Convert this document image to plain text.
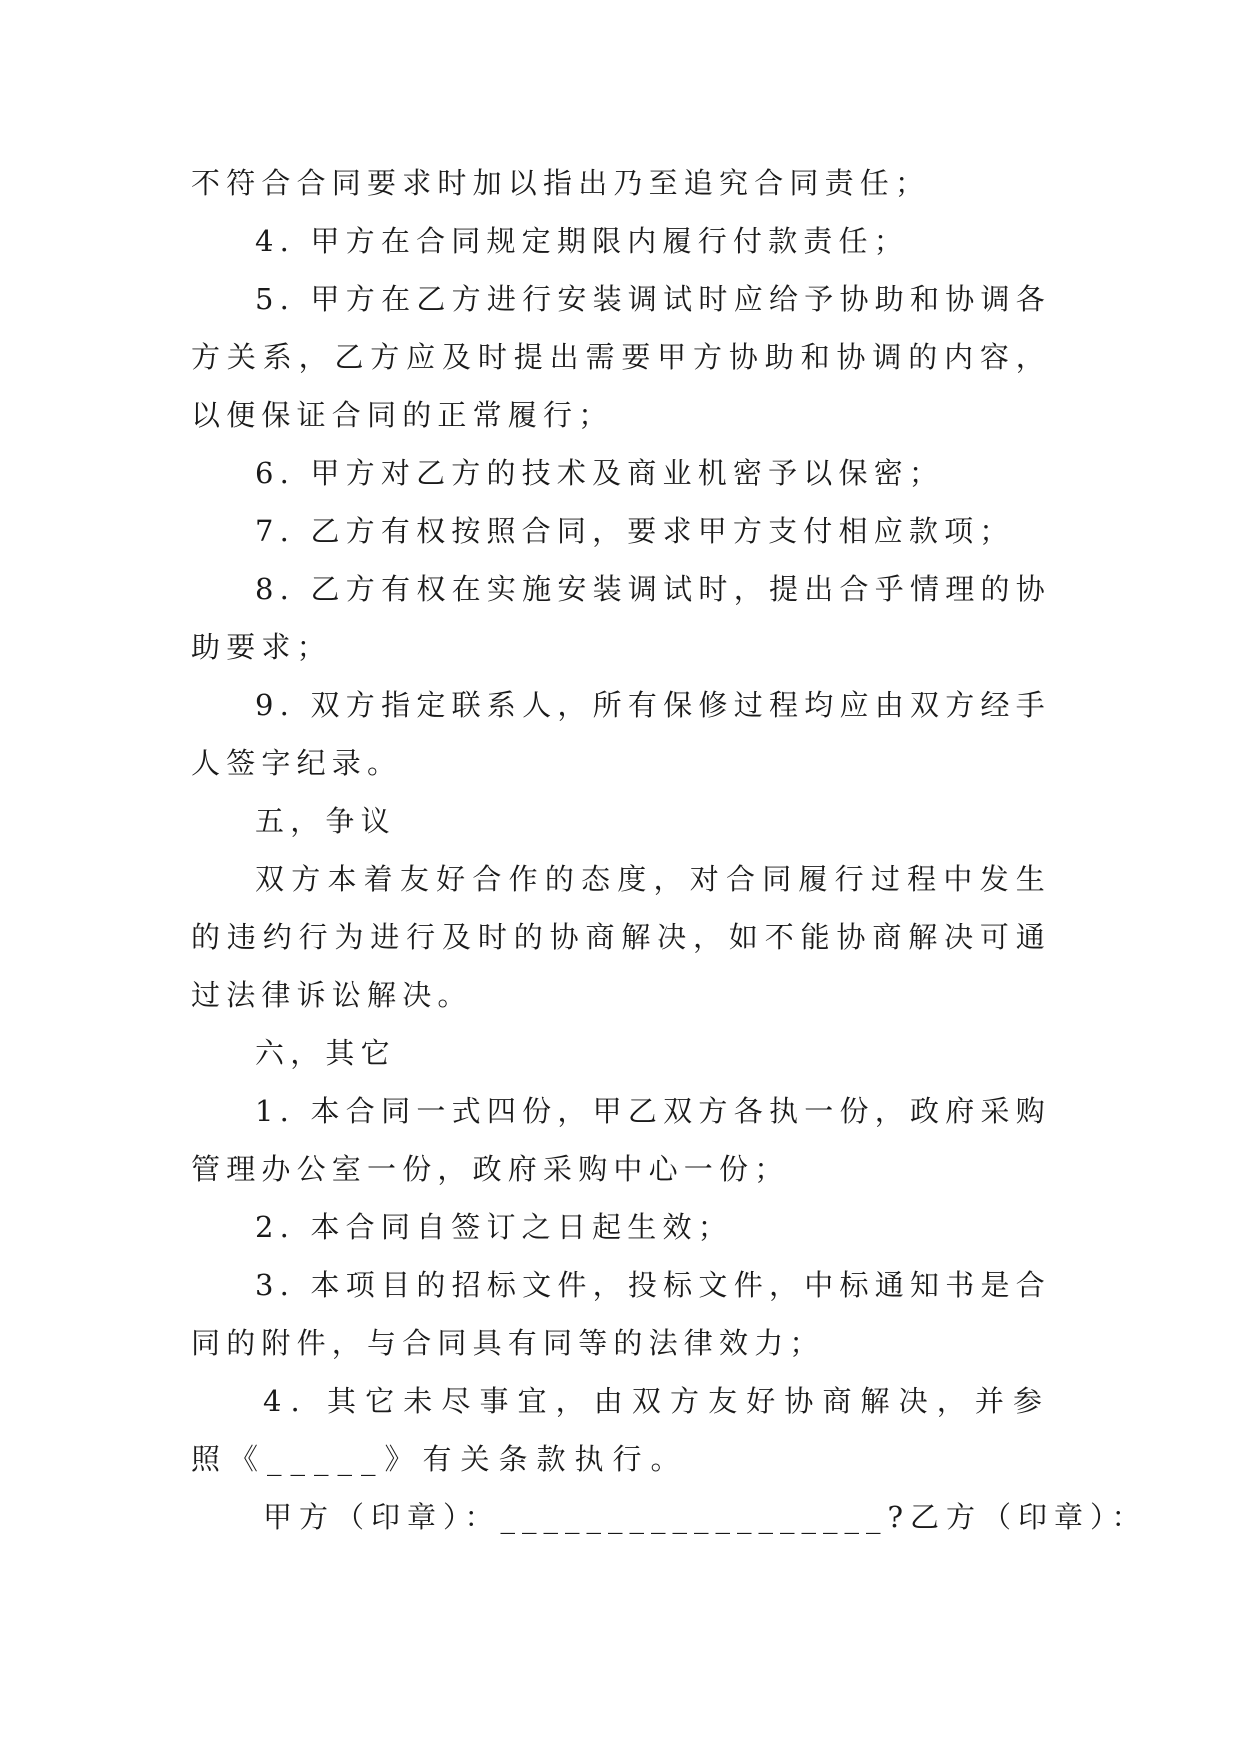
不符合合同要求时加以指出乃至追究合同责任；

4. 甲方在合同规定期限内履行付款责任；

5. 甲方在乙方进行安装调试时应给予协助和协调各方关系，乙方应及时提出需要甲方协助和协调的内容，以便保证合同的正常履行；

6. 甲方对乙方的技术及商业机密予以保密；

7. 乙方有权按照合同，要求甲方支付相应款项；

8. 乙方有权在实施安装调试时，提出合乎情理的协助要求；

9. 双方指定联系人，所有保修过程均应由双方经手人签字纪录。

五，争议

双方本着友好合作的态度，对合同履行过程中发生的违约行为进行及时的协商解决，如不能协商解决可通过法律诉讼解决。

六，其它

1. 本合同一式四份，甲乙双方各执一份，政府采购管理办公室一份，政府采购中心一份；

2. 本合同自签订之日起生效；

3. 本项目的招标文件，投标文件，中标通知书是合同的附件，与合同具有同等的法律效力；

4. 其它未尽事宜，由双方友好协商解决，并参照《_____》有关条款执行。

甲方（印章）：__________________?乙方（印章）：
